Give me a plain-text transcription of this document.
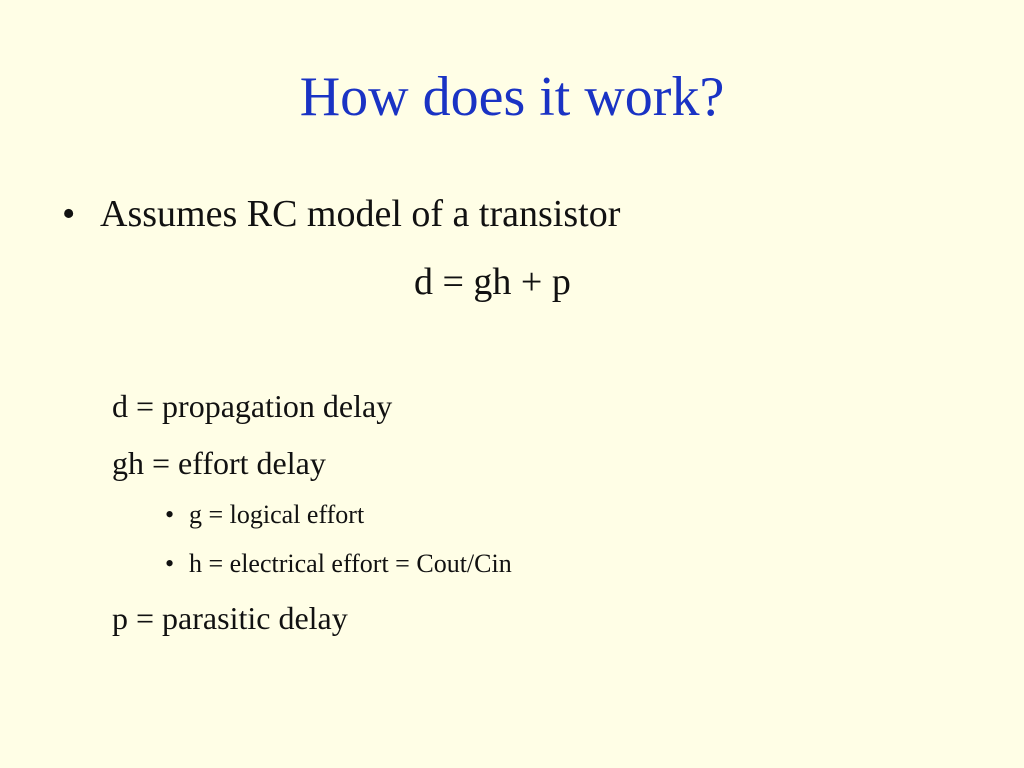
How does it work?
• Assumes RC model of a transistor
d = gh + p
d = propagation delay
gh = effort delay
• g = logical effort
• h = electrical effort = Cout/Cin
p = parasitic delay
